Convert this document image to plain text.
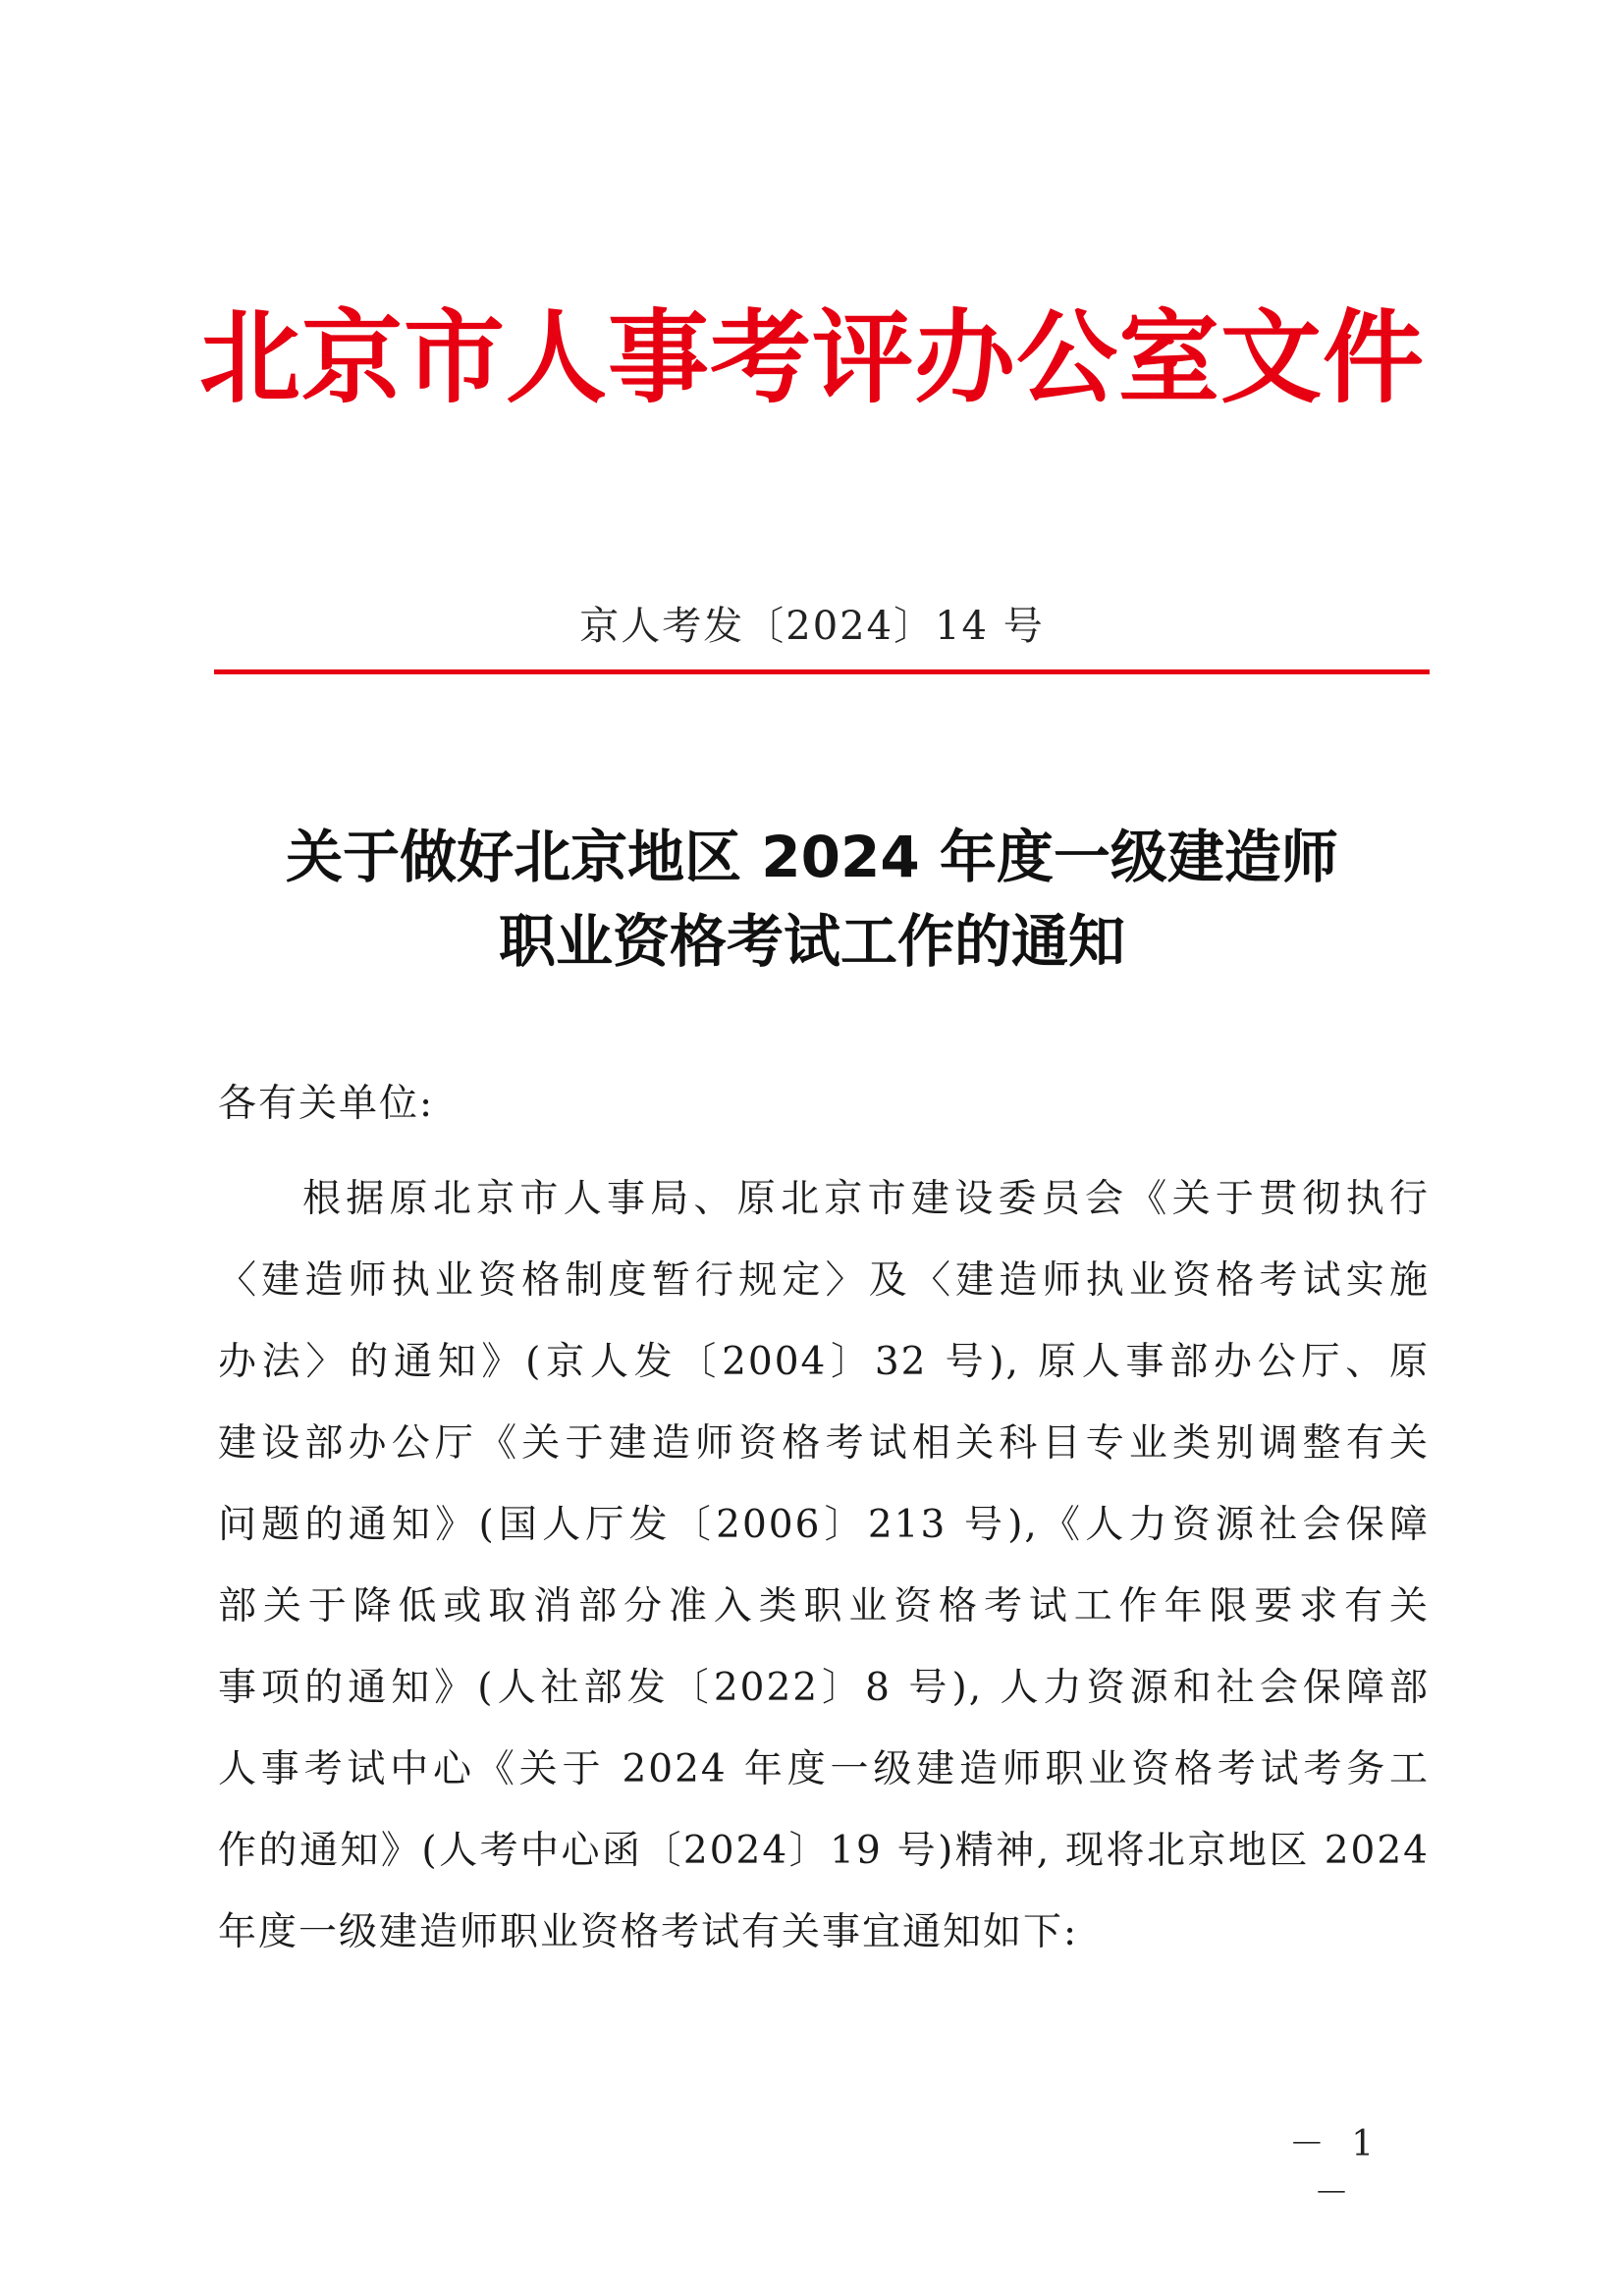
北京市人事考评办公室文件
京人考发〔2024〕14 号
关于做好北京地区 2024 年度一级建造师
职业资格考试工作的通知
各有关单位:
根据原北京市人事局、原北京市建设委员会《关于贯彻执行
〈建造师执业资格制度暂行规定〉及〈建造师执业资格考试实施
办法〉的通知》(京人发〔2004〕32 号), 原人事部办公厅、原
建设部办公厅《关于建造师资格考试相关科目专业类别调整有关
问题的通知》(国人厅发〔2006〕213 号),《人力资源社会保障
部关于降低或取消部分准入类职业资格考试工作年限要求有关
事项的通知》(人社部发〔2022〕8 号), 人力资源和社会保障部
人事考试中心《关于 2024 年度一级建造师职业资格考试考务工
作的通知》(人考中心函〔2024〕19 号)精神, 现将北京地区 2024
年度一级建造师职业资格考试有关事宜通知如下:
－ 1 －
